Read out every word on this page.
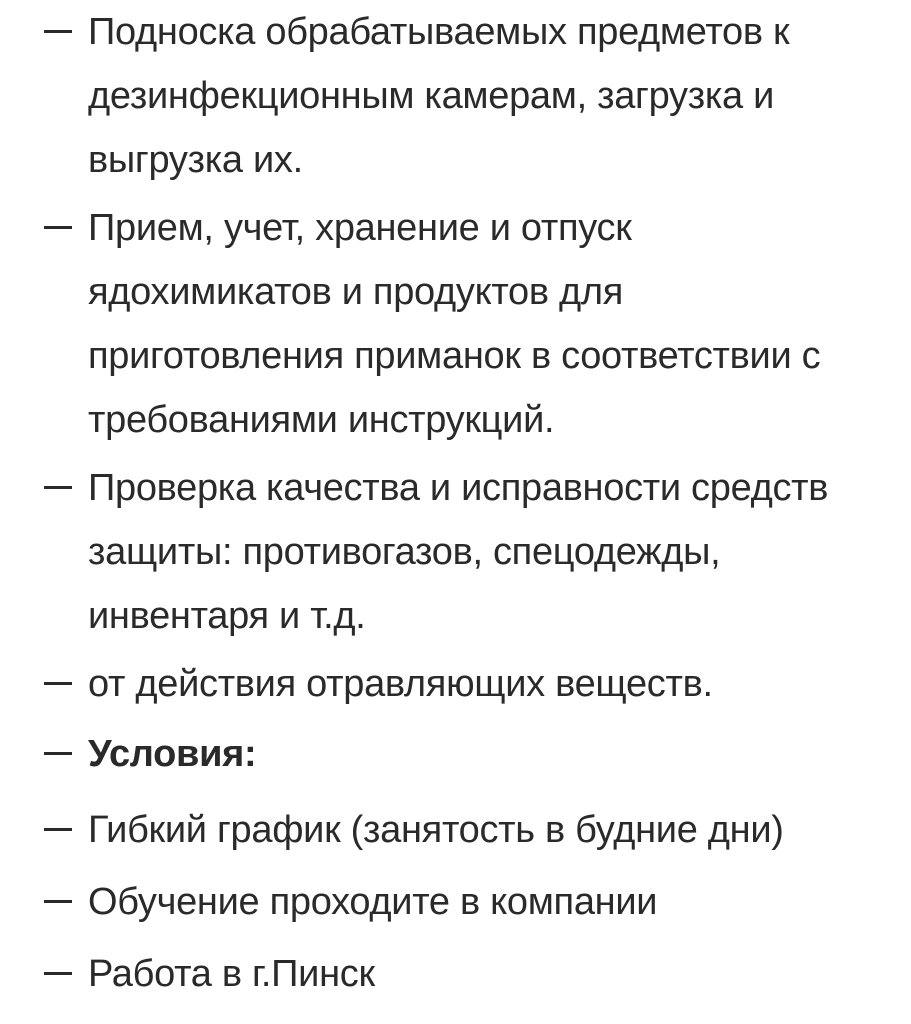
Подноска обрабатываемых предметов к
дезинфекционным камерам, загрузка и
выгрузка их.
Прием, учет, хранение и отпуск
ядохимикатов и продуктов для
приготовления приманок в соответствии с
требованиями инструкций.
Проверка качества и исправности средств
защиты: противогазов, спецодежды,
инвентаря и т.д.
от действия отравляющих веществ.
Условия:
Гибкий график (занятость в будние дни)
Обучение проходите в компании
Работа в г.Пинск
